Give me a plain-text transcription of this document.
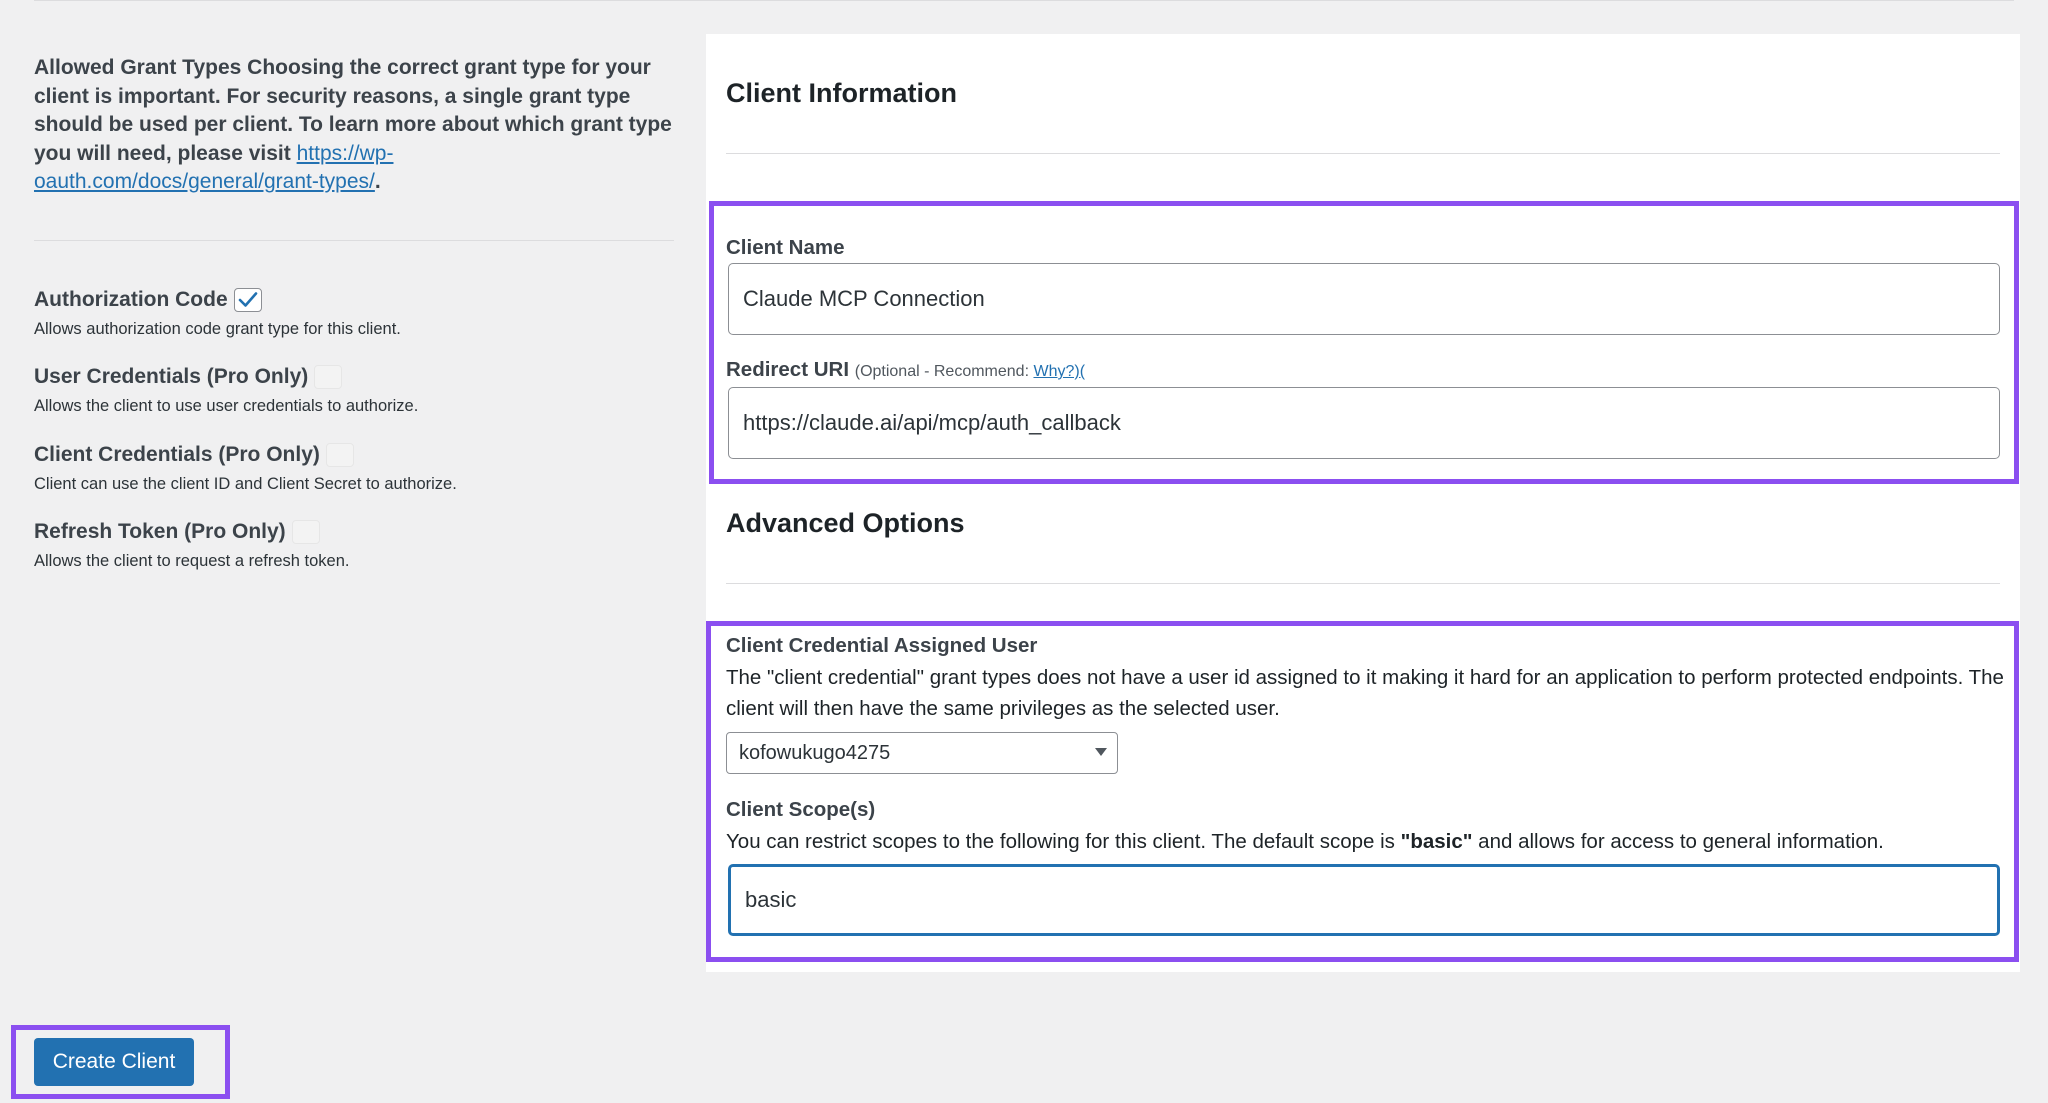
Allowed Grant Types Choosing the correct grant type for your client is important. For security reasons, a single grant type should be used per client. To learn more about which grant type you will need, please visit https://wp-oauth.com/docs/general/grant-types/.

Authorization Code
Allows authorization code grant type for this client.
User Credentials (Pro Only)
Allows the client to use user credentials to authorize.
Client Credentials (Pro Only)
Client can use the client ID and Client Secret to authorize.
Refresh Token (Pro Only)
Allows the client to request a refresh token.
Client Information
Client Name
Claude MCP Connection
Redirect URI (Optional - Recommend: Why?)(
https://claude.ai/api/mcp/auth_callback
Advanced Options
Client Credential Assigned User
The "client credential" grant types does not have a user id assigned to it making it hard for an application to perform protected endpoints. The client will then have the same privileges as the selected user.
kofowukugo4275
Client Scope(s)
You can restrict scopes to the following for this client. The default scope is "basic" and allows for access to general information.
basic
Create Client
